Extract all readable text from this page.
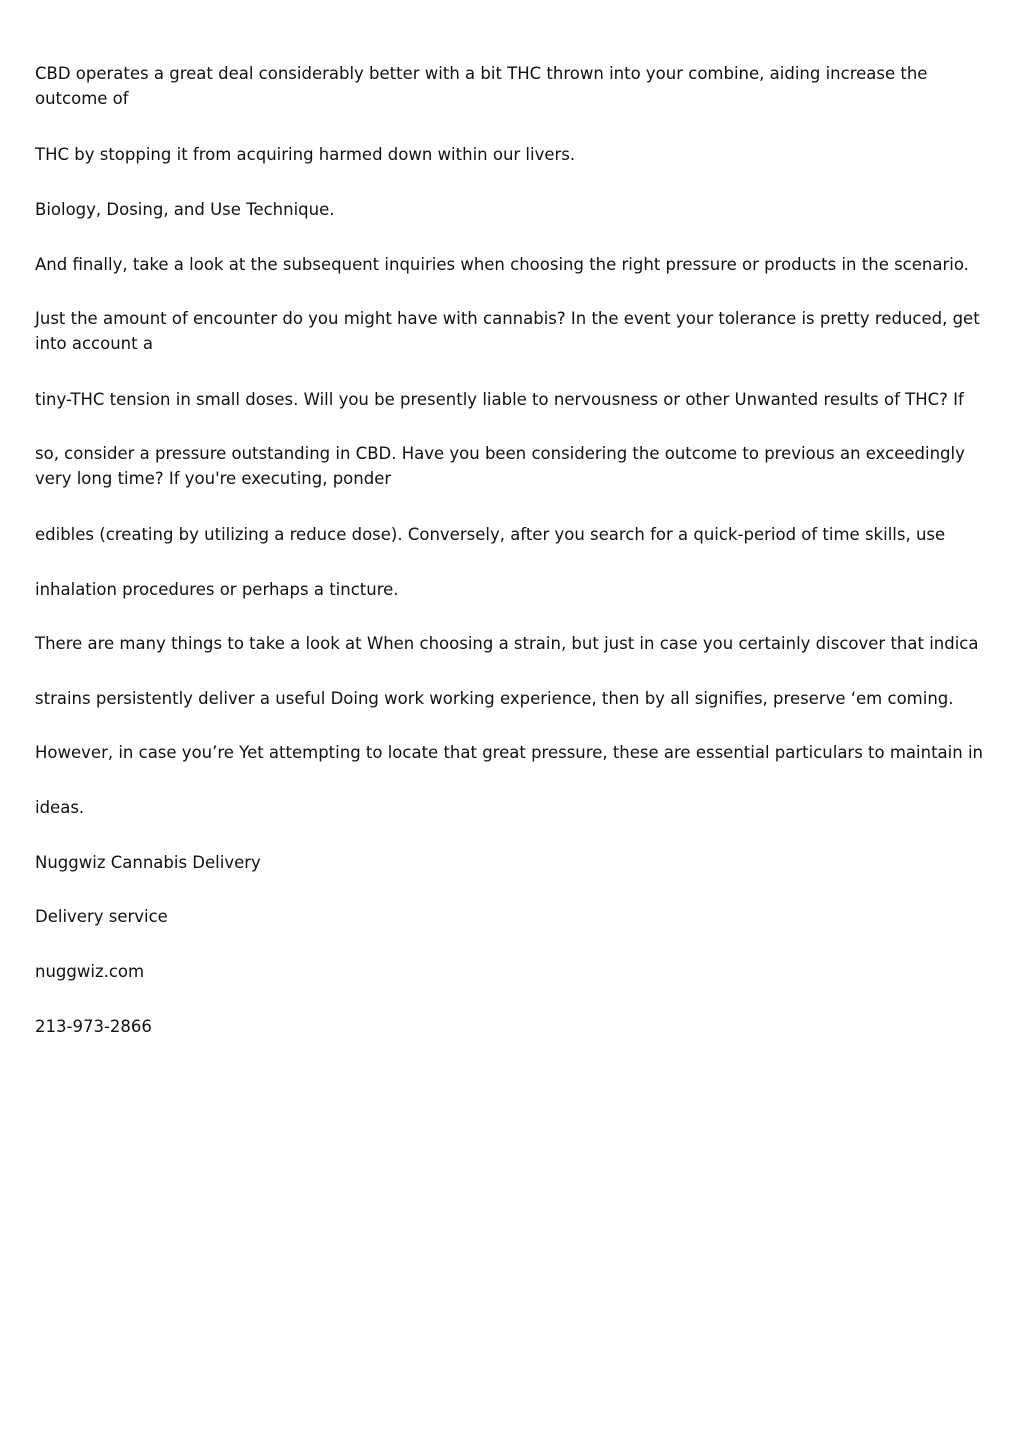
CBD operates a great deal considerably better with a bit THC thrown into your combine, aiding increase the outcome of

THC by stopping it from acquiring harmed down within our livers.

Biology, Dosing, and Use Technique.

And finally, take a look at the subsequent inquiries when choosing the right pressure or products in the scenario.

Just the amount of encounter do you might have with cannabis? In the event your tolerance is pretty reduced, get into account a

tiny-THC tension in small doses. Will you be presently liable to nervousness or other Unwanted results of THC? If

so, consider a pressure outstanding in CBD. Have you been considering the outcome to previous an exceedingly very long time? If you're executing, ponder

edibles (creating by utilizing a reduce dose). Conversely, after you search for a quick-period of time skills, use

inhalation procedures or perhaps a tincture.

There are many things to take a look at When choosing a strain, but just in case you certainly discover that indica

strains persistently deliver a useful Doing work working experience, then by all signifies, preserve ‘em coming.

However, in case you’re Yet attempting to locate that great pressure, these are essential particulars to maintain in

ideas.

Nuggwiz Cannabis Delivery

Delivery service

nuggwiz.com

213-973-2866
